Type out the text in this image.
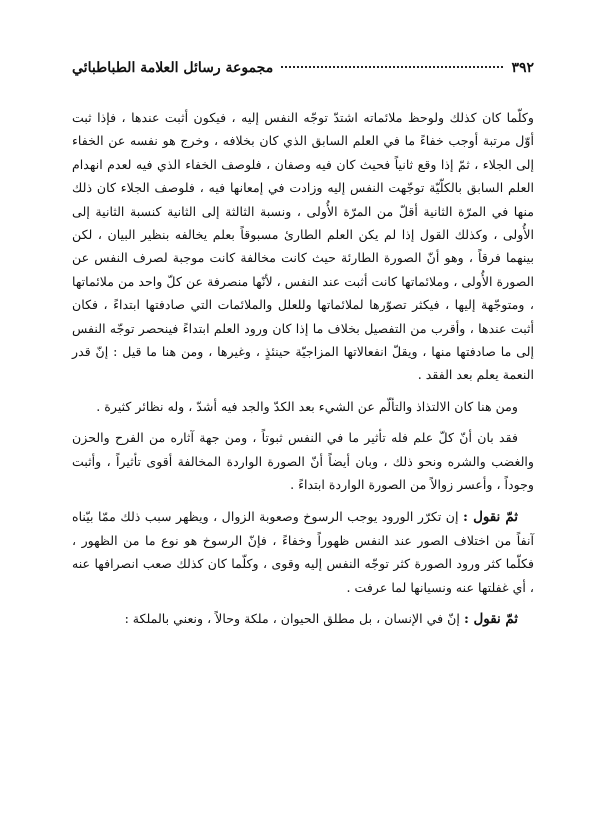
٣٩٢
مجموعة رسائل العلامة الطباطبائي

وكلّما كان كذلك ولوحظ ملائماته اشتدّ توجّه النفس إليه ، فيكون أثبت عندها ، فإذا ثبت أوّل مرتبة أوجب خفاءً ما في العلم السابق الذي كان بخلافه ، وخرج هو نفسه عن الخفاء إلى الجلاء ، ثمّ إذا وقع ثانياً فحيث كان فيه وصفان ، فلوصف الخفاء الذي فيه لعدم انهدام العلم السابق بالكلّيّة توجّهت النفس إليه وزادت في إمعانها فيه ، فلوصف الجلاء كان ذلك منها في المرّة الثانية أقلّ من المرّة الأُولى ، ونسبة الثالثة إلى الثانية كنسبة الثانية إلى الأُولى ، وكذلك القول إذا لم يكن العلم الطارئ مسبوقاً بعلم يخالفه بنظير البيان ، لكن بينهما فرقاً ، وهو أنّ الصورة الطارئة حيث كانت مخالفة كانت موجبة لصرف النفس عن الصورة الأُولى ، وملائماتها كانت أثبت عند النفس ، لأنّها منصرفة عن كلّ واحد من ملائماتها ، ومتوجّهة إليها ، فيكثر تصوّرها لملائماتها وللعلل والملائمات التي صادفتها ابتداءً ، فكان أثبت عندها ، وأقرب من التفصيل بخلاف ما إذا كان ورود العلم ابتداءً فينحصر توجّه النفس إلى ما صادفتها منها ، ويقلّ انفعالاتها المزاجيّة حينئذٍ ، وغيرها ، ومن هنا ما قيل : إنّ قدر النعمة يعلم بعد الفقد .

ومن هنا كان الالتذاذ والتألّم عن الشيء بعد الكدّ والجد فيه أشدّ ، وله نظائر كثيرة .

فقد بان أنّ كلّ علم فله تأثير ما في النفس ثبوتاً ، ومن جهة آثاره من الفرح والحزن والغضب والشره ونحو ذلك ، وبان أيضاً أنّ الصورة الواردة المخالفة أقوى تأثيراً ، وأثبت وجوداً ، وأعسر زوالاً من الصورة الواردة ابتداءً .

ثمّ نقول : إن تكرّر الورود يوجب الرسوخ وصعوبة الزوال ، ويظهر سبب ذلك ممّا بيّناه آنفاً من اختلاف الصور عند النفس ظهوراً وخفاءً ، فإنّ الرسوخ هو نوع ما من الظهور ، فكلّما كثر ورود الصورة كثر توجّه النفس إليه وقوى ، وكلّما كان كذلك صعب انصرافها عنه ، أي غفلتها عنه ونسيانها لما عرفت .

ثمّ نقول : إنّ في الإنسان ، بل مطلق الحيوان ، ملكة وحالاً ، ونعني بالملكة :
